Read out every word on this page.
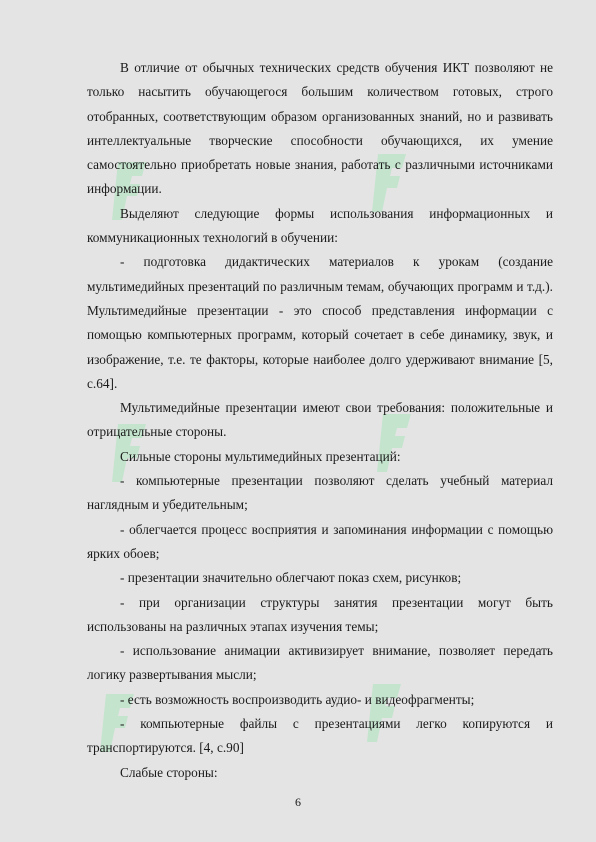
В отличие от обычных технических средств обучения ИКТ позволяют не только насытить обучающегося большим количеством готовых, строго отобранных, соответствующим образом организованных знаний, но и развивать интеллектуальные творческие способности обучающихся, их умение самостоятельно приобретать новые знания, работать с различными источниками информации.

Выделяют следующие формы использования информационных и коммуникационных технологий в обучении:

- подготовка дидактических материалов к урокам (создание мультимедийных презентаций по различным темам, обучающих программ и т.д.). Мультимедийные презентации - это способ представления информации с помощью компьютерных программ, который сочетает в себе динамику, звук, и изображение, т.е. те факторы, которые наиболее долго удерживают внимание [5, с.64].

Мультимедийные презентации имеют свои требования: положительные и отрицательные стороны.

Сильные стороны мультимедийных презентаций:

- компьютерные презентации позволяют сделать учебный материал наглядным и убедительным;

- облегчается процесс восприятия и запоминания информации с помощью ярких обоев;

- презентации значительно облегчают показ схем, рисунков;

- при организации структуры занятия презентации могут быть использованы на различных этапах изучения темы;

- использование анимации активизирует внимание, позволяет передать логику развертывания мысли;

- есть возможность воспроизводить аудио- и видеофрагменты;

- компьютерные файлы с презентациями легко копируются и транспортируются. [4, с.90]

Слабые стороны:

6
